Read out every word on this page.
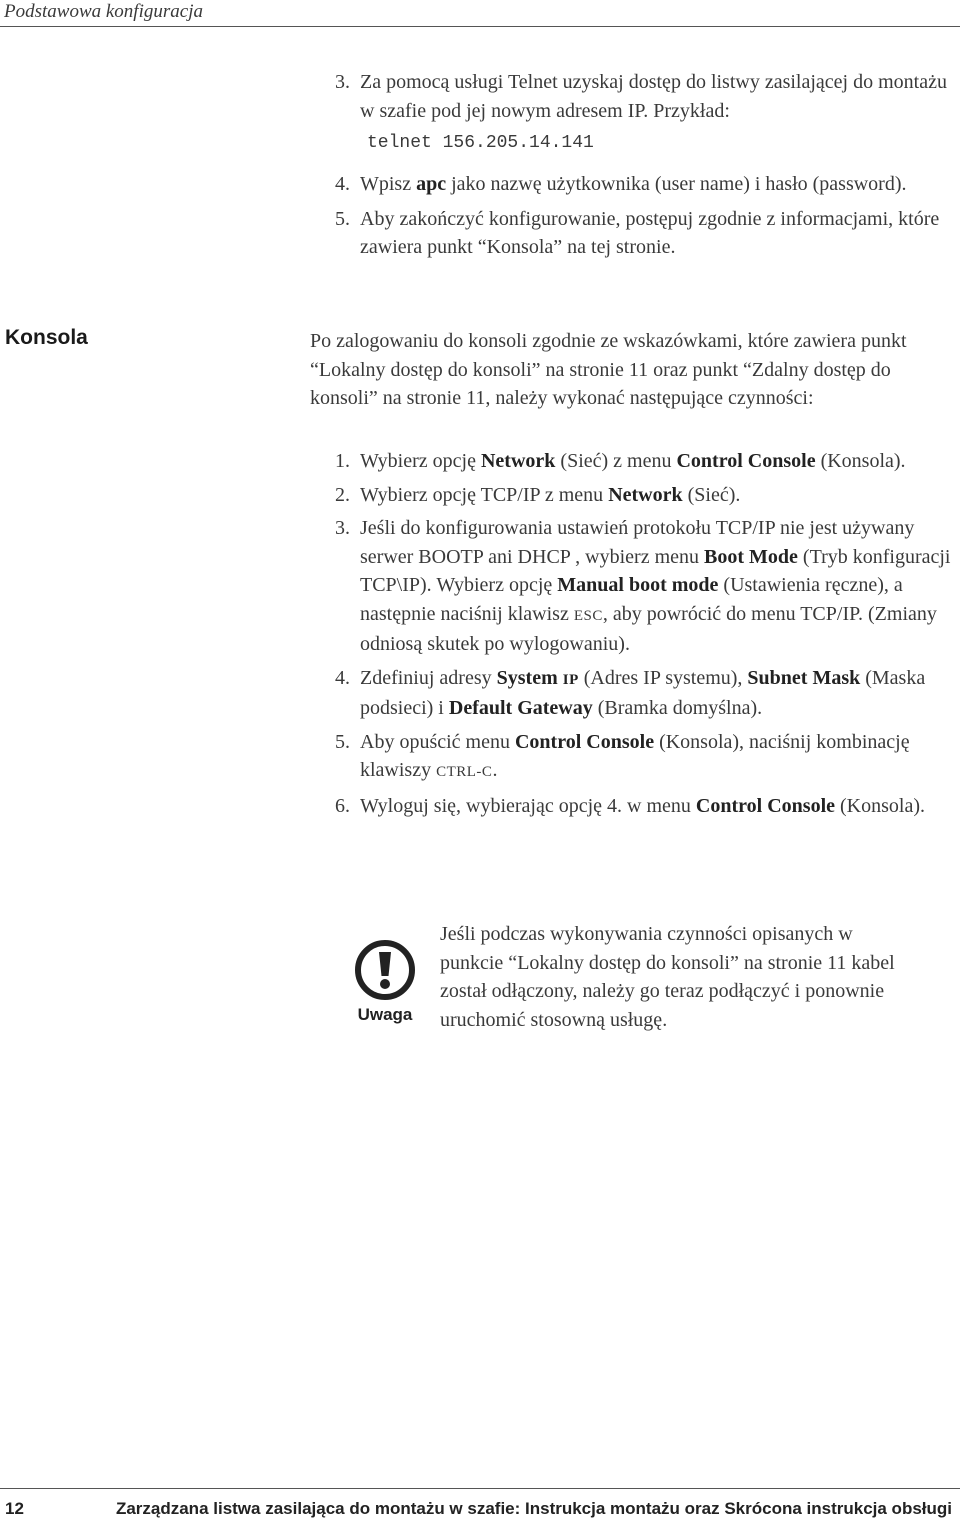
Podstawowa konfiguracja
3. Za pomocą usługi Telnet uzyskaj dostęp do listwy zasilającej do montażu w szafie pod jej nowym adresem IP. Przykład:
telnet 156.205.14.141
4. Wpisz apc jako nazwę użytkownika (user name) i hasło (password).
5. Aby zakończyć konfigurowanie, postępuj zgodnie z informacjami, które zawiera punkt “Konsola” na tej stronie.
Konsola	Po zalogowaniu do konsoli zgodnie ze wskazówkami, które zawiera punkt “Lokalny dostęp do konsoli” na stronie 11 oraz punkt “Zdalny dostęp do konsoli” na stronie 11, należy wykonać następujące czynności:
1. Wybierz opcję Network (Sieć) z menu Control Console (Konsola).
2. Wybierz opcję TCP/IP z menu Network (Sieć).
3. Jeśli do konfigurowania ustawień protokołu TCP/IP nie jest używany serwer BOOTP ani DHCP , wybierz menu Boot Mode (Tryb konfiguracji TCP\IP). Wybierz opcję Manual boot mode (Ustawienia ręczne), a następnie naciśnij klawisz ESC, aby powrócić do menu TCP/IP. (Zmiany odniosą skutek po wylogowaniu).
4. Zdefiniuj adresy System IP (Adres IP systemu), Subnet Mask (Maska podsieci) i Default Gateway (Bramka domyślna).
5. Aby opuścić menu Control Console (Konsola), naciśnij kombinację klawiszy CTRL-C.
6. Wyloguj się, wybierając opcję 4. w menu Control Console (Konsola).
Uwaga
Jeśli podczas wykonywania czynności opisanych w punkcie “Lokalny dostęp do konsoli” na stronie 11 kabel został odłączony, należy go teraz podłączyć i ponownie uruchomić stosowną usługę.
12	Zarządzana listwa zasilająca do montażu w szafie: Instrukcja montażu oraz Skrócona instrukcja obsługi
